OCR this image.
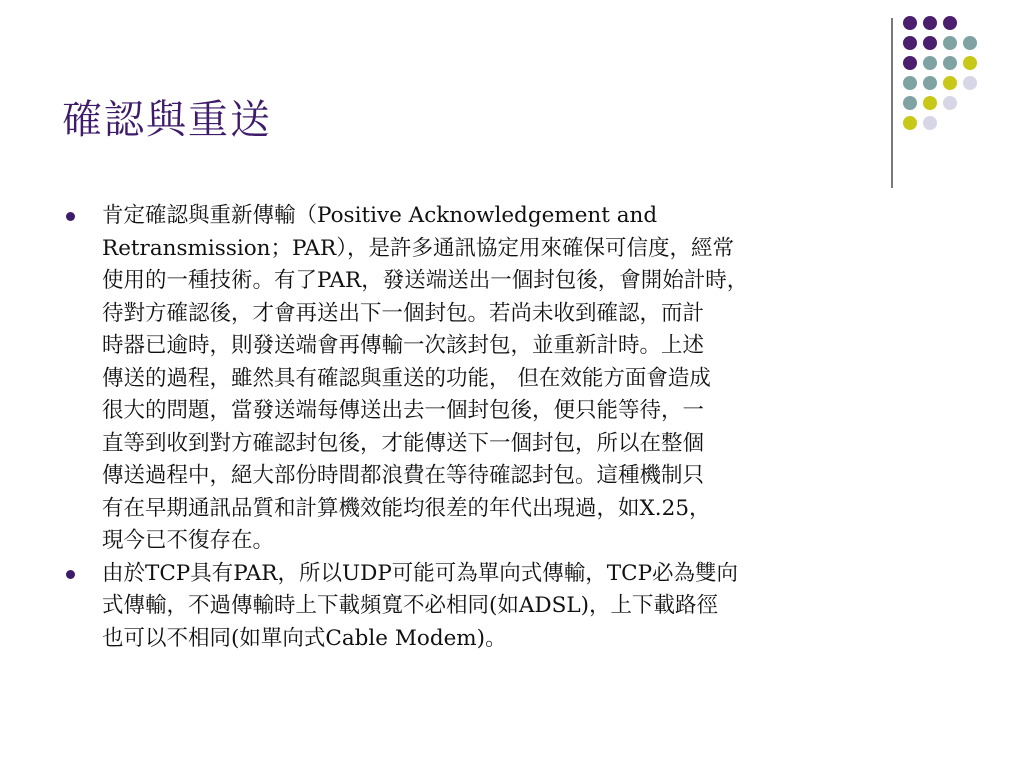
確認與重送
肯定確認與重新傳輸（Positive Acknowledgement and
Retransmission；PAR），是許多通訊協定用來確保可信度，經常
使用的一種技術。有了PAR，發送端送出一個封包後，會開始計時，
待對方確認後，才會再送出下一個封包。若尚未收到確認，而計
時器已逾時，則發送端會再傳輸一次該封包，並重新計時。上述
傳送的過程，雖然具有確認與重送的功能， 但在效能方面會造成
很大的問題，當發送端每傳送出去一個封包後，便只能等待，一
直等到收到對方確認封包後，才能傳送下一個封包，所以在整個
傳送過程中，絕大部份時間都浪費在等待確認封包。這種機制只
有在早期通訊品質和計算機效能均很差的年代出現過，如X.25，
現今已不復存在。
由於TCP具有PAR，所以UDP可能可為單向式傳輸，TCP必為雙向
式傳輸，不過傳輸時上下載頻寬不必相同(如ADSL)，上下載路徑
也可以不相同(如單向式Cable Modem)。
